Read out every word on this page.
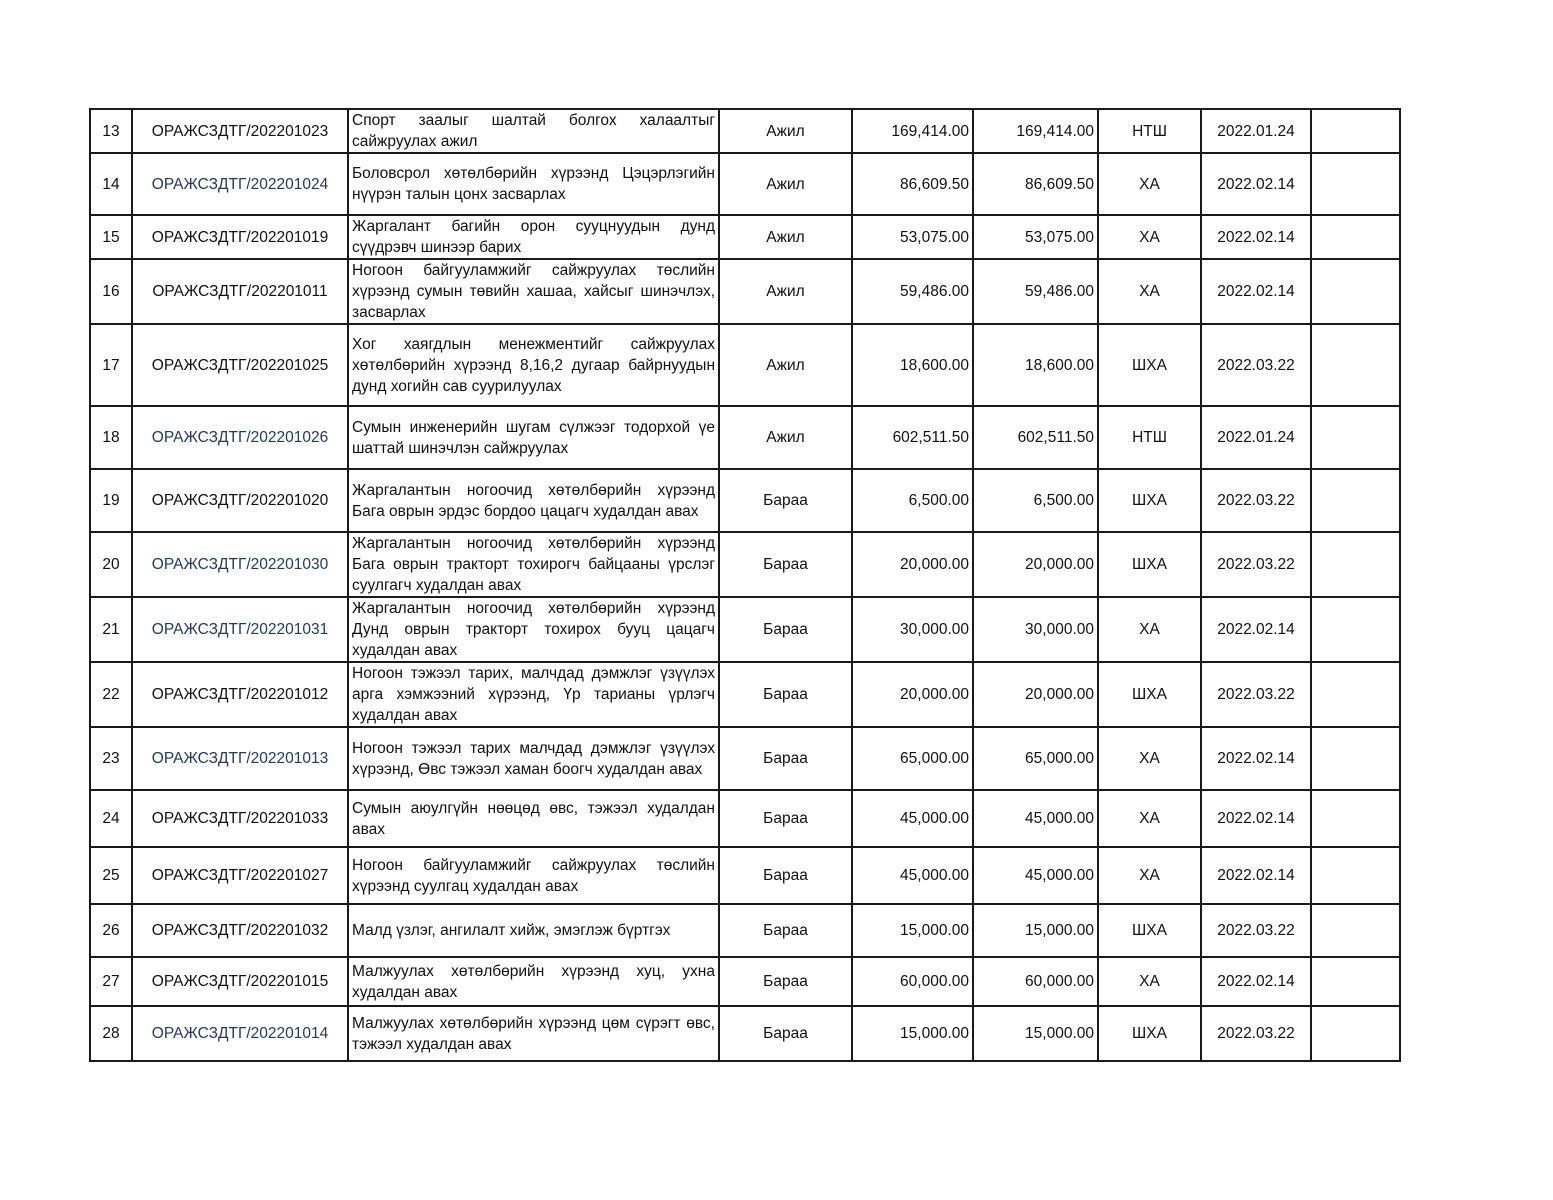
13	ОРАЖСЗДТГ/202201023	Спорт заалыг шалтай болгох халаалтыг сайжруулах ажил	Ажил	169,414.00	169,414.00	НТШ	2022.01.24	
14	ОРАЖСЗДТГ/202201024	Боловсрол хөтөлбөрийн хүрээнд Цэцэрлэгийн нүүрэн талын цонх засварлах	Ажил	86,609.50	86,609.50	ХА	2022.02.14	
15	ОРАЖСЗДТГ/202201019	Жаргалант багийн орон сууцнуудын дунд сүүдрэвч шинээр барих	Ажил	53,075.00	53,075.00	ХА	2022.02.14	
16	ОРАЖСЗДТГ/202201011	Ногоон байгууламжийг сайжруулах төслийн хүрээнд сумын төвийн хашаа, хайсыг шинэчлэх, засварлах	Ажил	59,486.00	59,486.00	ХА	2022.02.14	
17	ОРАЖСЗДТГ/202201025	Хог хаягдлын менежментийг сайжруулах хөтөлбөрийн хүрээнд 8,16,2 дугаар байрнуудын дунд хогийн сав суурилуулах	Ажил	18,600.00	18,600.00	ШХА	2022.03.22	
18	ОРАЖСЗДТГ/202201026	Сумын инженерийн шугам сүлжээг тодорхой үе шаттай шинэчлэн сайжруулах	Ажил	602,511.50	602,511.50	НТШ	2022.01.24	
19	ОРАЖСЗДТГ/202201020	Жаргалантын ногоочид хөтөлбөрийн хүрээнд Бага оврын эрдэс бордоо цацагч худалдан авах	Бараа	6,500.00	6,500.00	ШХА	2022.03.22	
20	ОРАЖСЗДТГ/202201030	Жаргалантын ногоочид хөтөлбөрийн хүрээнд Бага оврын тракторт тохирогч байцааны үрслэг суулгагч худалдан авах	Бараа	20,000.00	20,000.00	ШХА	2022.03.22	
21	ОРАЖСЗДТГ/202201031	Жаргалантын ногоочид хөтөлбөрийн хүрээнд Дунд оврын тракторт тохирох бууц цацагч худалдан авах	Бараа	30,000.00	30,000.00	ХА	2022.02.14	
22	ОРАЖСЗДТГ/202201012	Ногоон тэжээл тарих, малчдад дэмжлэг үзүүлэх арга хэмжээний хүрээнд, Үр тарианы үрлэгч худалдан авах	Бараа	20,000.00	20,000.00	ШХА	2022.03.22	
23	ОРАЖСЗДТГ/202201013	Ногоон тэжээл тарих малчдад дэмжлэг үзүүлэх хүрээнд, Өвс тэжээл хаман боогч худалдан авах	Бараа	65,000.00	65,000.00	ХА	2022.02.14	
24	ОРАЖСЗДТГ/202201033	Сумын аюулгүйн нөөцөд өвс, тэжээл худалдан авах	Бараа	45,000.00	45,000.00	ХА	2022.02.14	
25	ОРАЖСЗДТГ/202201027	Ногоон байгууламжийг сайжруулах төслийн хүрээнд суулгац худалдан авах	Бараа	45,000.00	45,000.00	ХА	2022.02.14	
26	ОРАЖСЗДТГ/202201032	Малд үзлэг, ангилалт хийж, эмэглэж бүртгэх	Бараа	15,000.00	15,000.00	ШХА	2022.03.22	
27	ОРАЖСЗДТГ/202201015	Малжуулах хөтөлбөрийн хүрээнд хуц, ухна худалдан авах	Бараа	60,000.00	60,000.00	ХА	2022.02.14	
28	ОРАЖСЗДТГ/202201014	Малжуулах хөтөлбөрийн хүрээнд цөм сүрэгт өвс, тэжээл худалдан авах	Бараа	15,000.00	15,000.00	ШХА	2022.03.22	
